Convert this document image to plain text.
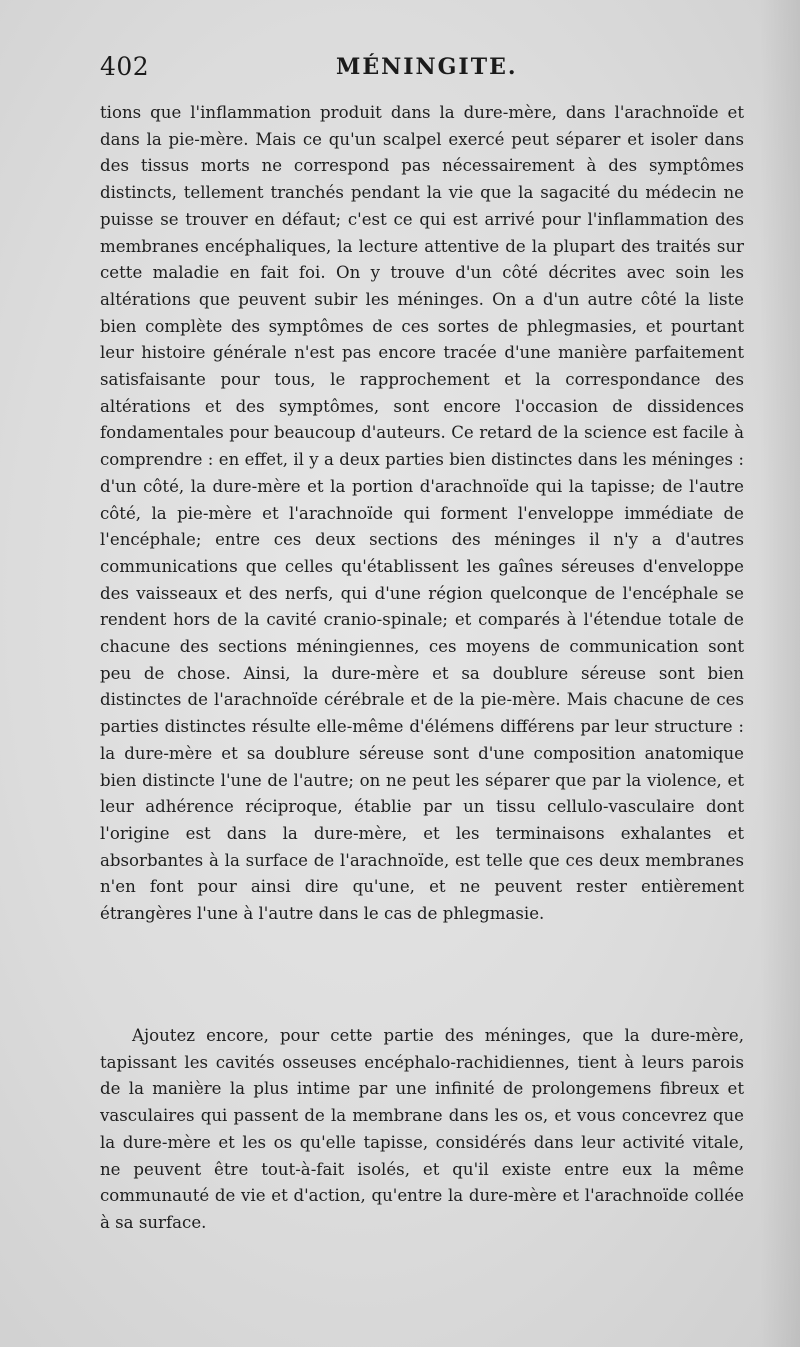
402	MÉNINGITE.

tions que l'inflammation produit dans la dure-mère, dans l'arachnoïde et dans la pie-mère. Mais ce qu'un scalpel exercé peut séparer et isoler dans des tissus morts ne correspond pas nécessairement à des symptômes distincts, tellement tranchés pendant la vie que la sagacité du médecin ne puisse se trouver en défaut; c'est ce qui est arrivé pour l'inflammation des membranes encéphaliques, la lecture attentive de la plupart des traités sur cette maladie en fait foi. On y trouve d'un côté décrites avec soin les altérations que peuvent subir les méninges. On a d'un autre côté la liste bien complète des symptômes de ces sortes de phlegmasies, et pourtant leur histoire générale n'est pas encore tracée d'une manière parfaitement satisfaisante pour tous, le rapprochement et la correspondance des altérations et des symptômes, sont encore l'occasion de dissidences fondamentales pour beaucoup d'auteurs. Ce retard de la science est facile à comprendre : en effet, il y a deux parties bien distinctes dans les méninges : d'un côté, la dure-mère et la portion d'arachnoïde qui la tapisse; de l'autre côté, la pie-mère et l'arachnoïde qui forment l'enveloppe immédiate de l'encéphale; entre ces deux sections des méninges il n'y a d'autres communications que celles qu'établissent les gaînes séreuses d'enveloppe des vaisseaux et des nerfs, qui d'une région quelconque de l'encéphale se rendent hors de la cavité cranio-spinale; et comparés à l'étendue totale de chacune des sections méningiennes, ces moyens de communication sont peu de chose. Ainsi, la dure-mère et sa doublure séreuse sont bien distinctes de l'arachnoïde cérébrale et de la pie-mère. Mais chacune de ces parties distinctes résulte elle-même d'élémens différens par leur structure : la dure-mère et sa doublure séreuse sont d'une composition anatomique bien distincte l'une de l'autre; on ne peut les séparer que par la violence, et leur adhérence réciproque, établie par un tissu cellulo-vasculaire dont l'origine est dans la dure-mère, et les terminaisons exhalantes et absorbantes à la surface de l'arachnoïde, est telle que ces deux membranes n'en font pour ainsi dire qu'une, et ne peuvent rester entièrement étrangères l'une à l'autre dans le cas de phlegmasie.

Ajoutez encore, pour cette partie des méninges, que la dure-mère, tapissant les cavités osseuses encéphalo-rachidiennes, tient à leurs parois de la manière la plus intime par une infinité de prolongemens fibreux et vasculaires qui passent de la membrane dans les os, et vous concevrez que la dure-mère et les os qu'elle tapisse, considérés dans leur activité vitale, ne peuvent être tout-à-fait isolés, et qu'il existe entre eux la même communauté de vie et d'action, qu'entre la dure-mère et l'arachnoïde collée à sa surface.
